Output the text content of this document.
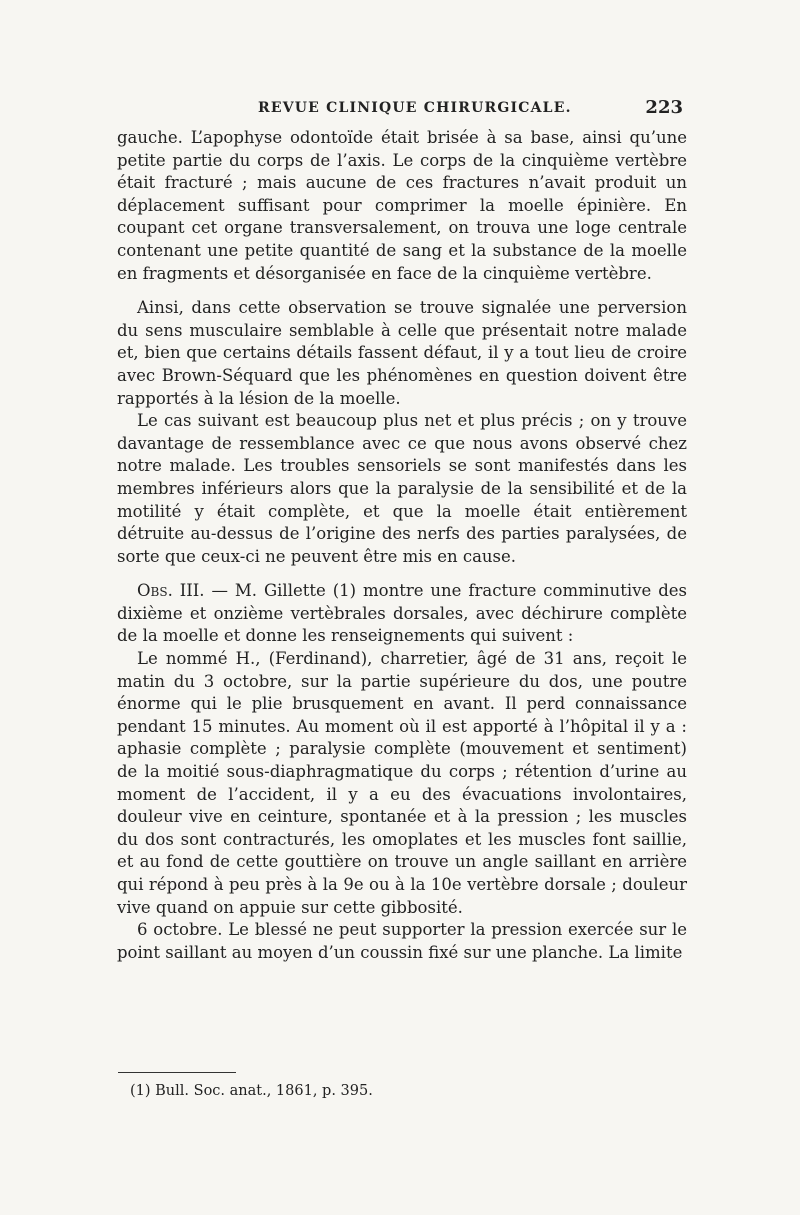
REVUE CLINIQUE CHIRURGICALE.	223

gauche. L’apophyse odontoïde était brisée à sa base, ainsi qu’une petite partie du corps de l’axis. Le corps de la cinquième vertèbre était fracturé ; mais aucune de ces fractures n’avait produit un déplacement suffisant pour comprimer la moelle épinière. En coupant cet organe transversalement, on trouva une loge centrale contenant une petite quantité de sang et la substance de la moelle en fragments et désorganisée en face de la cinquième vertèbre.

Ainsi, dans cette observation se trouve signalée une perversion du sens musculaire semblable à celle que présentait notre malade et, bien que certains détails fassent défaut, il y a tout lieu de croire avec Brown-Séquard que les phénomènes en question doivent être rapportés à la lésion de la moelle.

Le cas suivant est beaucoup plus net et plus précis ; on y trouve davantage de ressemblance avec ce que nous avons observé chez notre malade. Les troubles sensoriels se sont manifestés dans les membres inférieurs alors que la paralysie de la sensibilité et de la motilité y était complète, et que la moelle était entièrement détruite au-dessus de l’origine des nerfs des parties paralysées, de sorte que ceux-ci ne peuvent être mis en cause.

Obs. III. — M. Gillette (1) montre une fracture comminutive des dixième et onzième vertèbrales dorsales, avec déchirure complète de la moelle et donne les renseignements qui suivent :

Le nommé H., (Ferdinand), charretier, âgé de 31 ans, reçoit le matin du 3 octobre, sur la partie supérieure du dos, une poutre énorme qui le plie brusquement en avant. Il perd connaissance pendant 15 minutes. Au moment où il est apporté à l’hôpital il y a : aphasie complète ; paralysie complète (mouvement et sentiment) de la moitié sous-diaphragmatique du corps ; rétention d’urine au moment de l’accident, il y a eu des évacuations involontaires, douleur vive en ceinture, spontanée et à la pression ; les muscles du dos sont contracturés, les omoplates et les muscles font saillie, et au fond de cette gouttière on trouve un angle saillant en arrière qui répond à peu près à la 9e ou à la 10e vertèbre dorsale ; douleur vive quand on appuie sur cette gibbosité.

6 octobre. Le blessé ne peut supporter la pression exercée sur le point saillant au moyen d’un coussin fixé sur une planche. La limite

(1) Bull. Soc. anat., 1861, p. 395.
